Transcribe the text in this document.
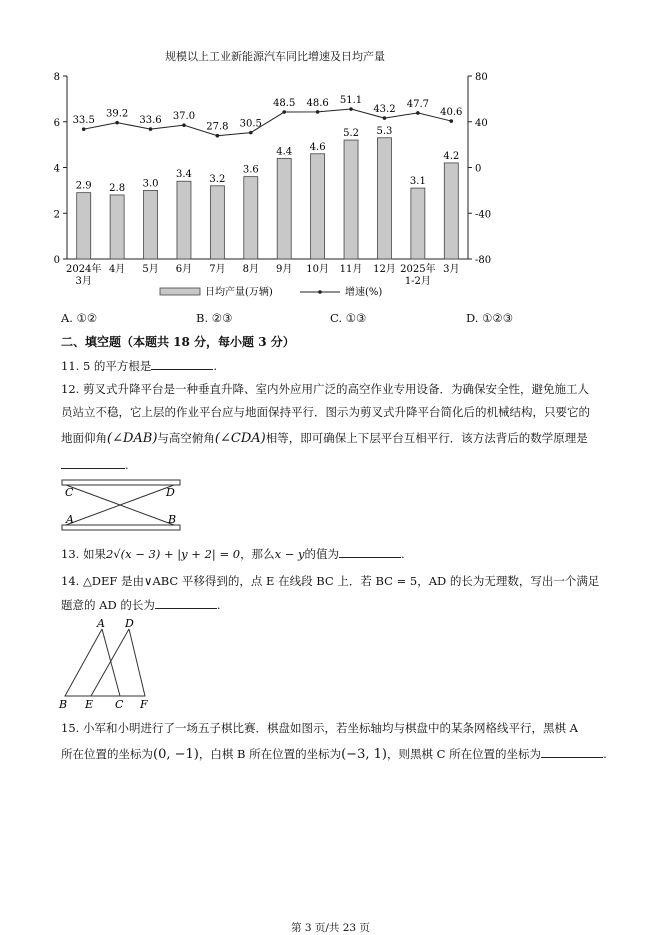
规模以上工业新能源汽车同比增速及日均产量
0
2
4
6
8
-80
-40
0
40
80
2024年
3月
4月 5月 6月 7月 8月 9月 10月 11月 12月 2025年
1-2月
3月
2.9 2.8 3.0
3.4 3.2
3.6
4.4 4.6
5.2 5.3
3.1
4.2
33.5
39.2
33.6 37.0
27.8 30.5
48.5 48.6 51.1
43.2 47.7
40.6
日均产量(万辆)	增速(%)
A. ①②	B. ②③	C. ①③	D. ①②③
二、填空题（本题共 18 分，每小题 3 分）
11. 5 的平方根是	.
12. 剪叉式升降平台是一种垂直升降、室内外应用广泛的高空作业专用设备．为确保安全性，避免施工人
员站立不稳，它上层的作业平台应与地面保持平行．图示为剪叉式升降平台简化后的机械结构，只要它的
地面仰角(∠DAB)与高空俯角(∠CDA)相等，即可确保上下层平台互相平行．该方法背后的数学原理是
.
C	D
A	B
13. 如果2√(x − 3) + |y + 2| = 0，那么x − y的值为	.
14. △DEF 是由∨ABC 平移得到的，点 E 在线段 BC 上．若 BC = 5，AD 的长为无理数，写出一个满足
题意的 AD 的长为	.
A D
B E C F
15. 小军和小明进行了一场五子棋比赛．棋盘如图示，若坐标轴均与棋盘中的某条网格线平行，黑棋 A
所在位置的坐标为(0, −1)，白棋 B 所在位置的坐标为(−3, 1)，则黑棋 C 所在位置的坐标为	.
第 3 页/共 23 页
